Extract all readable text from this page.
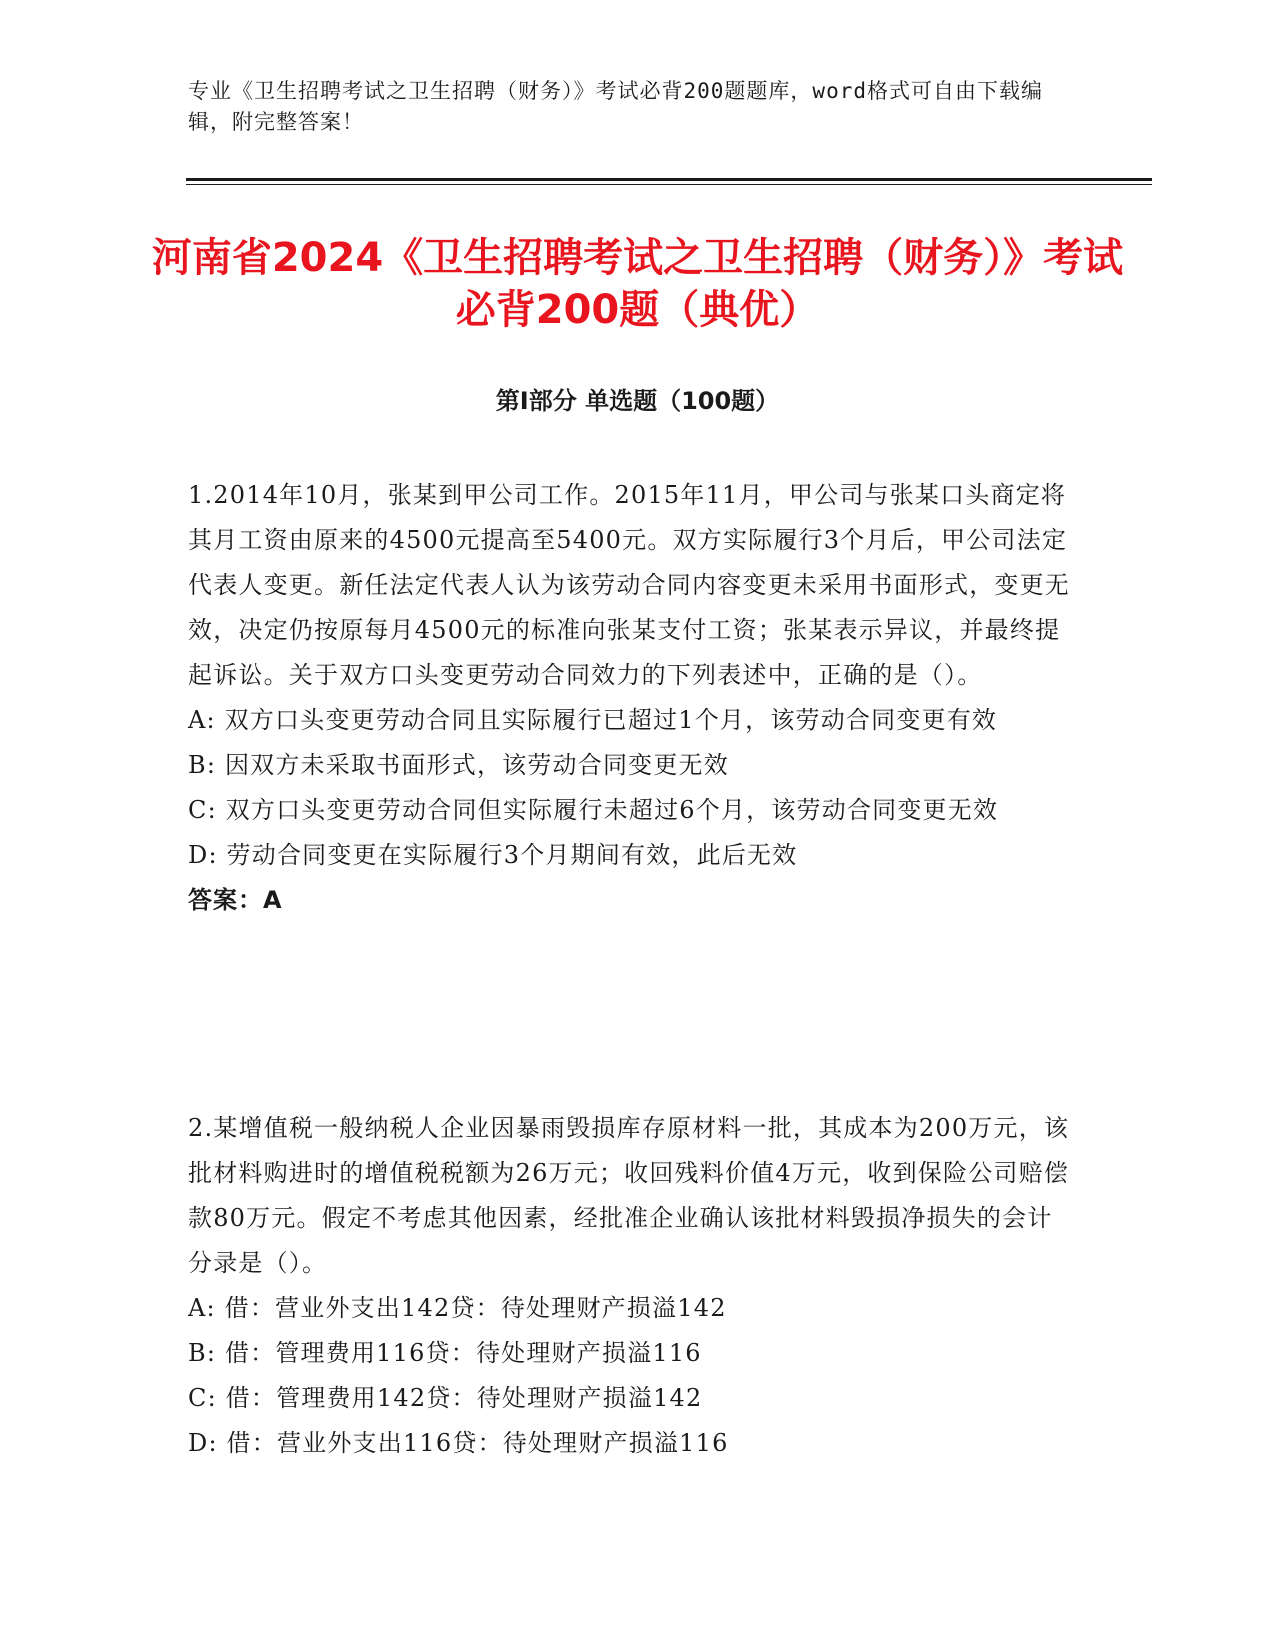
专业《卫生招聘考试之卫生招聘（财务）》考试必背200题题库，word格式可自由下载编辑，附完整答案！
河南省2024《卫生招聘考试之卫生招聘（财务）》考试必背200题（典优）
第Ⅰ部分 单选题（100题）

1.2014年10月，张某到甲公司工作。2015年11月，甲公司与张某口头商定将其月工资由原来的4500元提高至5400元。双方实际履行3个月后，甲公司法定代表人变更。新任法定代表人认为该劳动合同内容变更未采用书面形式，变更无效，决定仍按原每月4500元的标准向张某支付工资；张某表示异议，并最终提起诉讼。关于双方口头变更劳动合同效力的下列表述中，正确的是（）。

A: 双方口头变更劳动合同且实际履行已超过1个月，该劳动合同变更有效

B: 因双方未采取书面形式，该劳动合同变更无效

C: 双方口头变更劳动合同但实际履行未超过6个月，该劳动合同变更无效

D: 劳动合同变更在实际履行3个月期间有效，此后无效

答案：A

2.某增值税一般纳税人企业因暴雨毁损库存原材料一批，其成本为200万元，该批材料购进时的增值税税额为26万元；收回残料价值4万元，收到保险公司赔偿款80万元。假定不考虑其他因素，经批准企业确认该批材料毁损净损失的会计分录是（）。

A: 借：营业外支出142贷：待处理财产损溢142

B: 借：管理费用116贷：待处理财产损溢116

C: 借：管理费用142贷：待处理财产损溢142

D: 借：营业外支出116贷：待处理财产损溢116
